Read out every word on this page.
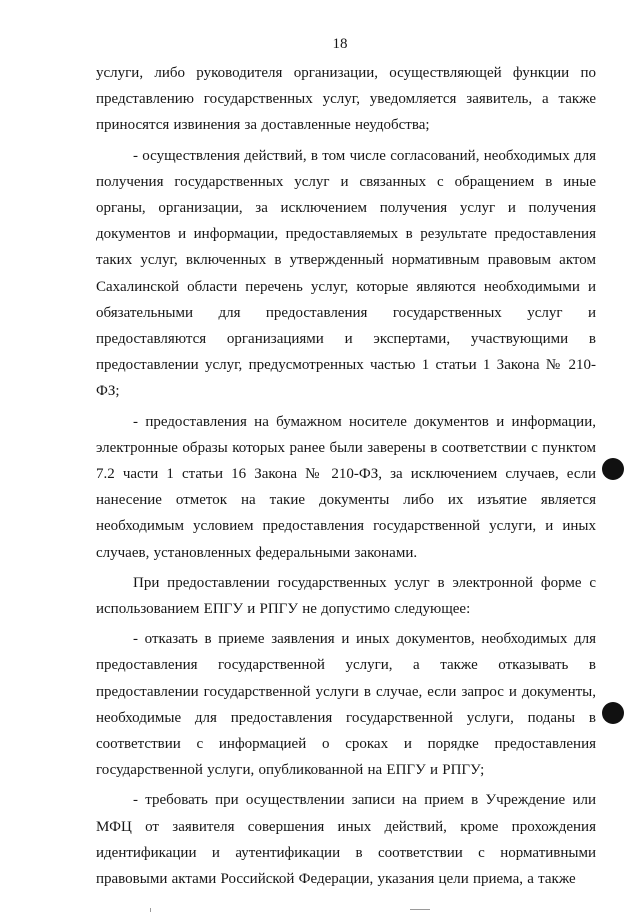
18

услуги, либо руководителя организации, осуществляющей функции по представлению государственных услуг, уведомляется заявитель, а также приносятся извинения за доставленные неудобства;

- осуществления действий, в том числе согласований, необходимых для получения государственных услуг и связанных с обращением в иные органы, организации, за исключением получения услуг и получения документов и информации, предоставляемых в результате предоставления таких услуг, включенных в утвержденный нормативным правовым актом Сахалинской области перечень услуг, которые являются необходимыми и обязательными для предоставления государственных услуг и предоставляются организациями и экспертами, участвующими в предоставлении услуг, предусмотренных частью 1 статьи 1 Закона № 210-ФЗ;

- предоставления на бумажном носителе документов и информации, электронные образы которых ранее были заверены в соответствии с пунктом 7.2 части 1 статьи 16 Закона № 210-ФЗ, за исключением случаев, если нанесение отметок на такие документы либо их изъятие является необходимым условием предоставления государственной услуги, и иных случаев, установленных федеральными законами.

При предоставлении государственных услуг в электронной форме с использованием ЕПГУ и РПГУ не допустимо следующее:

- отказать в приеме заявления и иных документов, необходимых для предоставления государственной услуги, а также отказывать в предоставлении государственной услуги в случае, если запрос и документы, необходимые для предоставления государственной услуги, поданы в соответствии с информацией о сроках и порядке предоставления государственной услуги, опубликованной на ЕПГУ и РПГУ;

- требовать при осуществлении записи на прием в Учреждение или МФЦ от заявителя совершения иных действий, кроме прохождения идентификации и аутентификации в соответствии с нормативными правовыми актами Российской Федерации, указания цели приема, а также
